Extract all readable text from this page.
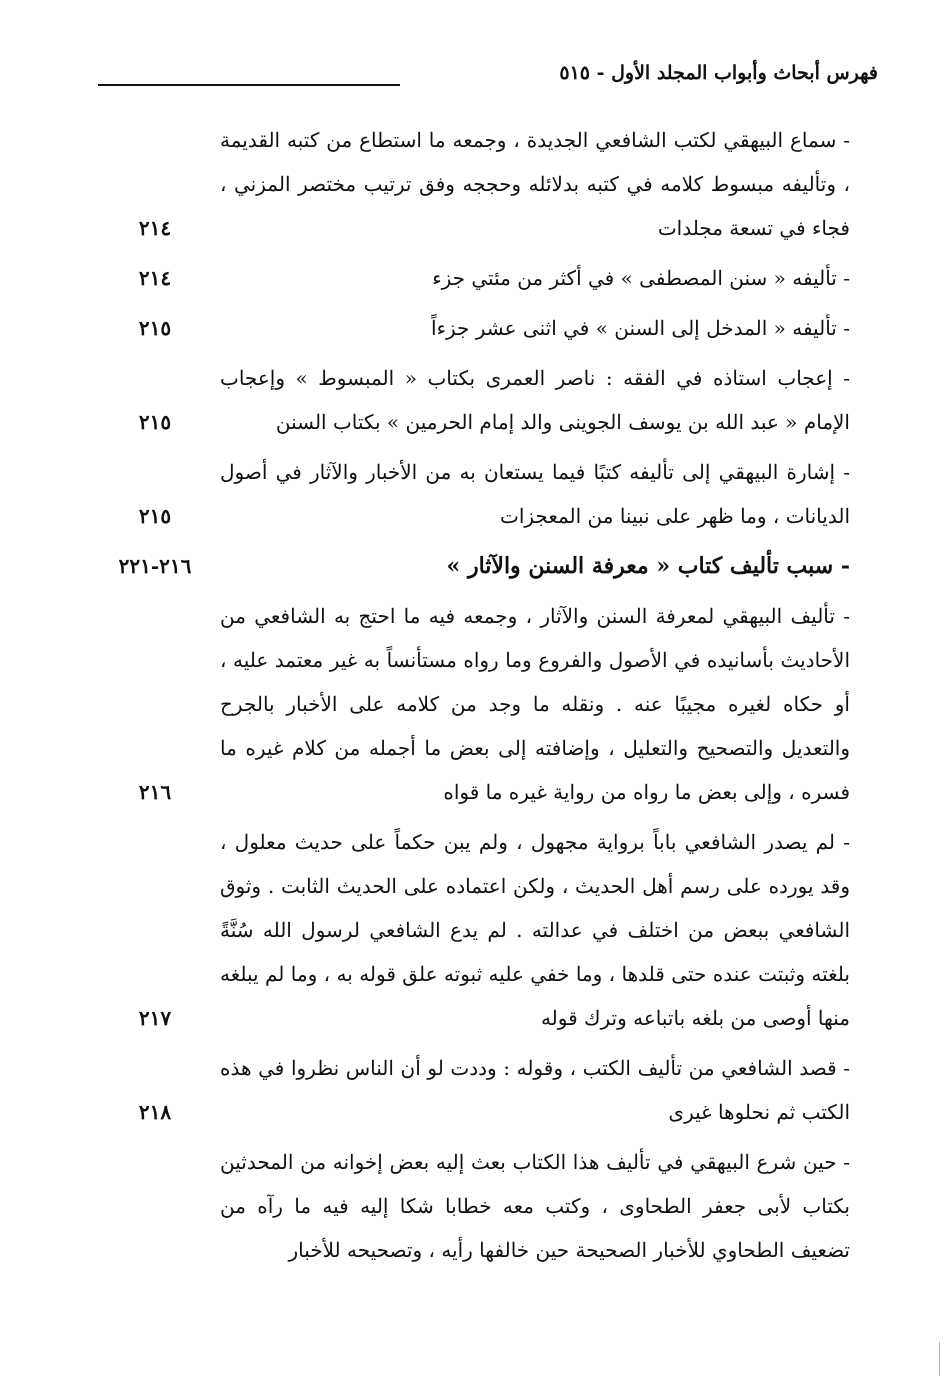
فهرس أبحاث وأبواب المجلد الأول - ٥١٥
- سماع البيهقي لكتب الشافعي الجديدة ، وجمعه ما استطاع من كتبه القديمة ، وتأليفه مبسوط كلامه في كتبه بدلائله وحججه وفق ترتيب مختصر المزني ، فجاء في تسعة مجلدات
٢١٤
- تأليفه « سنن المصطفى » في أكثر من مئتي جزء
٢١٤
- تأليفه « المدخل إلى السنن » في اثنى عشر جزءاً
٢١٥
- إعجاب استاذه في الفقه : ناصر العمرى بكتاب « المبسوط » وإعجاب الإمام « عبد الله بن يوسف الجوينى والد إمام الحرمين » بكتاب السنن
٢١٥
- إشارة البيهقي إلى تأليفه كتبًا فيما يستعان به من الأخبار والآثار في أصول الديانات ، وما ظهر على نبينا من المعجزات
٢١٥
- سبب تأليف كتاب « معرفة السنن والآثار »
٢١٦-٢٢١
- تأليف البيهقي لمعرفة السنن والآثار ، وجمعه فيه ما احتج به الشافعي من الأحاديث بأسانيده في الأصول والفروع وما رواه مستأنساً به غير معتمد عليه ، أو حكاه لغيره مجيبًا عنه . ونقله ما وجد من كلامه على الأخبار بالجرح والتعديل والتصحيح والتعليل ، وإضافته إلى بعض ما أجمله من كلام غيره ما فسره ، وإلى بعض ما رواه من رواية غيره ما قواه
٢١٦
- لم يصدر الشافعي باباً برواية مجهول ، ولم يبن حكماً على حديث معلول ، وقد يورده على رسم أهل الحديث ، ولكن اعتماده على الحديث الثابت . وثوق الشافعي ببعض من اختلف في عدالته . لم يدع الشافعي لرسول الله سُنَّةً بلغته وثبتت عنده حتى قلدها ، وما خفي عليه ثبوته علق قوله به ، وما لم يبلغه منها أوصى من بلغه باتباعه وترك قوله
٢١٧
- قصد الشافعي من تأليف الكتب ، وقوله : وددت لو أن الناس نظروا في هذه الكتب ثم نحلوها غيرى
٢١٨
- حين شرع البيهقي في تأليف هذا الكتاب بعث إليه بعض إخوانه من المحدثين بكتاب لأبى جعفر الطحاوى ، وكتب معه خطابا شكا إليه فيه ما رآه من تضعيف الطحاوي للأخبار الصحيحة حين خالفها رأيه ، وتصحيحه للأخبار
